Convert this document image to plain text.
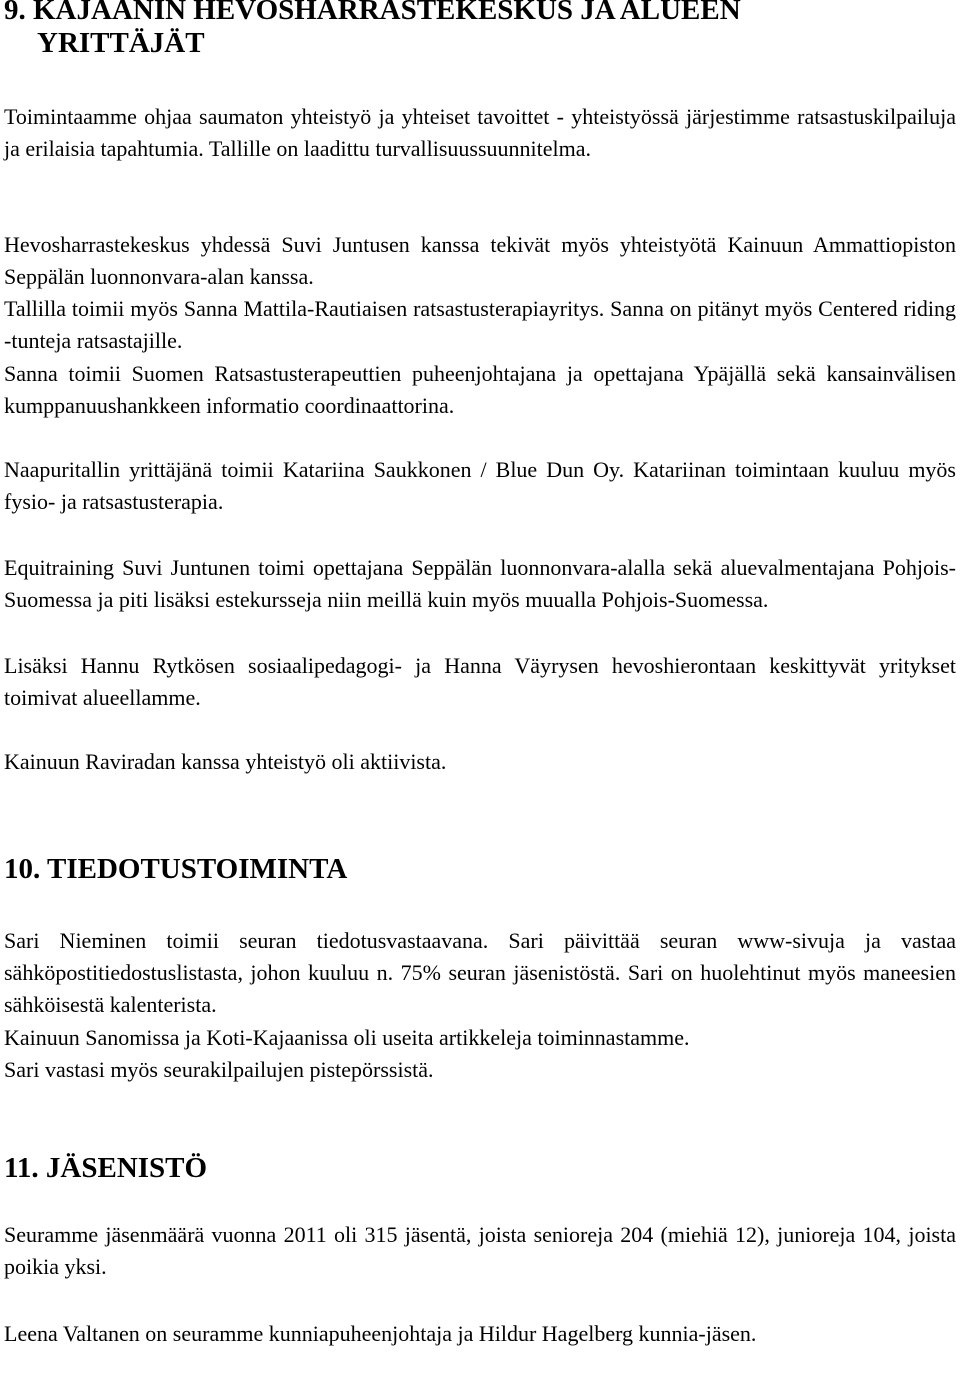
9. KAJAANIN HEVOSHARRASTEKESKUS JA ALUEEN
YRITTÄJÄT

Toimintaamme ohjaa saumaton yhteistyö ja yhteiset tavoittet - yhteistyössä järjestimme ratsastuskilpailuja ja erilaisia tapahtumia. Tallille on laadittu turvallisuussuunnitelma.

Hevosharrastekeskus yhdessä Suvi Juntusen kanssa tekivät myös yhteistyötä Kainuun Ammattiopiston Seppälän luonnonvara-alan kanssa.

Tallilla toimii myös Sanna Mattila-Rautiaisen ratsastusterapiayritys. Sanna on pitänyt myös Centered riding -tunteja ratsastajille.

Sanna toimii Suomen Ratsastusterapeuttien puheenjohtajana ja opettajana Ypäjällä sekä kansainvälisen kumppanuushankkeen informatio coordinaattorina.

Naapuritallin yrittäjänä toimii Katariina Saukkonen / Blue Dun Oy. Katariinan toimintaan kuuluu myös fysio- ja ratsastusterapia.

Equitraining Suvi Juntunen toimi opettajana Seppälän luonnonvara-alalla sekä aluevalmentajana Pohjois-Suomessa ja piti lisäksi estekursseja niin meillä kuin myös muualla Pohjois-Suomessa.

Lisäksi Hannu Rytkösen sosiaalipedagogi- ja Hanna Väyrysen hevoshierontaan keskittyvät yritykset toimivat alueellamme.

Kainuun Raviradan kanssa yhteistyö oli aktiivista.

10. TIEDOTUSTOIMINTA

Sari Nieminen toimii seuran tiedotusvastaavana. Sari päivittää seuran www-sivuja ja vastaa sähköpostitiedostuslistasta, johon kuuluu n. 75% seuran jäsenistöstä. Sari on huolehtinut myös maneesien sähköisestä kalenterista.

Kainuun Sanomissa ja Koti-Kajaanissa oli useita artikkeleja toiminnastamme.

Sari vastasi myös seurakilpailujen pistepörssistä.

11. JÄSENISTÖ

Seuramme jäsenmäärä vuonna 2011 oli 315 jäsentä, joista senioreja 204 (miehiä 12), junioreja 104, joista poikia yksi.

Leena Valtanen on seuramme kunniapuheenjohtaja ja Hildur Hagelberg kunnia-jäsen.
